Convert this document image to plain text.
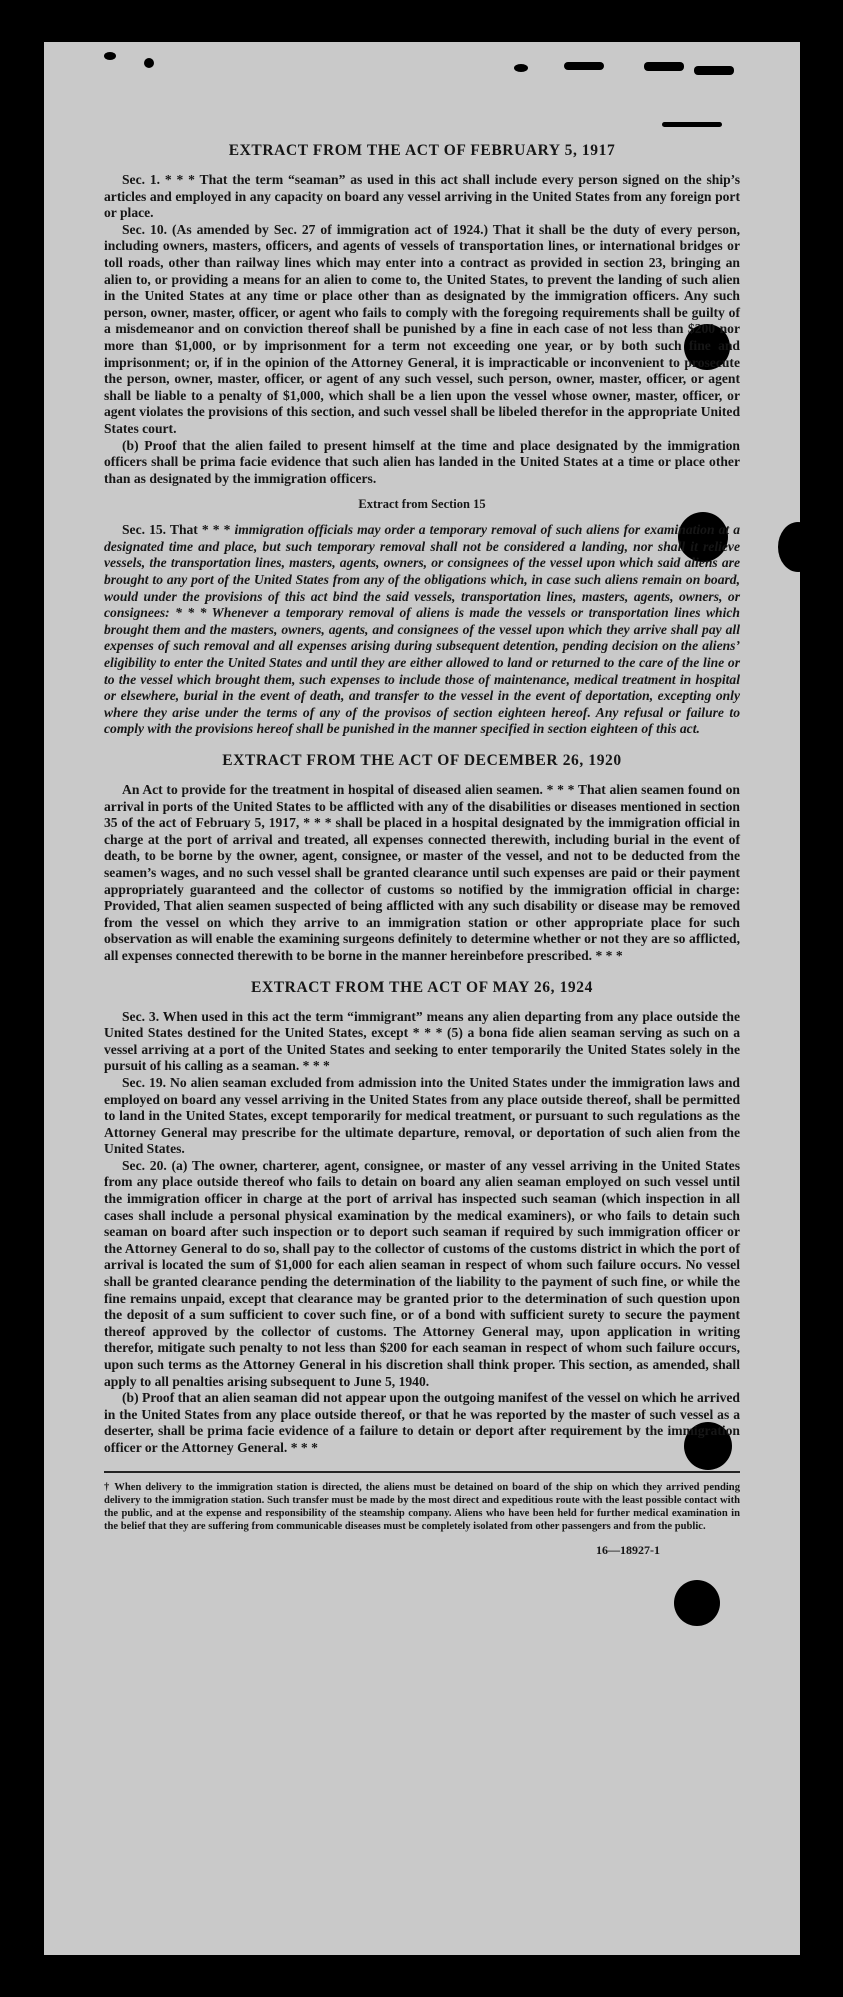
EXTRACT FROM THE ACT OF FEBRUARY 5, 1917

Sec. 1. * * * That the term “seaman” as used in this act shall include every person signed on the ship’s articles and employed in any capacity on board any vessel arriving in the United States from any foreign port or place.

Sec. 10. (As amended by Sec. 27 of immigration act of 1924.) That it shall be the duty of every person, including owners, masters, officers, and agents of vessels of transportation lines, or international bridges or toll roads, other than railway lines which may enter into a contract as provided in section 23, bringing an alien to, or providing a means for an alien to come to, the United States, to prevent the landing of such alien in the United States at any time or place other than as designated by the immigration officers. Any such person, owner, master, officer, or agent who fails to comply with the foregoing requirements shall be guilty of a misdemeanor and on conviction thereof shall be punished by a fine in each case of not less than $200 nor more than $1,000, or by imprisonment for a term not exceeding one year, or by both such fine and imprisonment; or, if in the opinion of the Attorney General, it is impracticable or inconvenient to prosecute the person, owner, master, officer, or agent of any such vessel, such person, owner, master, officer, or agent shall be liable to a penalty of $1,000, which shall be a lien upon the vessel whose owner, master, officer, or agent violates the provisions of this section, and such vessel shall be libeled therefor in the appropriate United States court.

(b) Proof that the alien failed to present himself at the time and place designated by the immigration officers shall be prima facie evidence that such alien has landed in the United States at a time or place other than as designated by the immigration officers.

Extract from Section 15

Sec. 15. That * * * immigration officials may order a temporary removal of such aliens for examination at a designated time and place, but such temporary removal shall not be considered a landing, nor shall it relieve vessels, the transportation lines, masters, agents, owners, or consignees of the vessel upon which said aliens are brought to any port of the United States from any of the obligations which, in case such aliens remain on board, would under the provisions of this act bind the said vessels, transportation lines, masters, agents, owners, or consignees: * * * Whenever a temporary removal of aliens is made the vessels or transportation lines which brought them and the masters, owners, agents, and consignees of the vessel upon which they arrive shall pay all expenses of such removal and all expenses arising during subsequent detention, pending decision on the aliens’ eligibility to enter the United States and until they are either allowed to land or returned to the care of the line or to the vessel which brought them, such expenses to include those of maintenance, medical treatment in hospital or elsewhere, burial in the event of death, and transfer to the vessel in the event of deportation, excepting only where they arise under the terms of any of the provisos of section eighteen hereof. Any refusal or failure to comply with the provisions hereof shall be punished in the manner specified in section eighteen of this act.

EXTRACT FROM THE ACT OF DECEMBER 26, 1920

An Act to provide for the treatment in hospital of diseased alien seamen. * * * That alien seamen found on arrival in ports of the United States to be afflicted with any of the disabilities or diseases mentioned in section 35 of the act of February 5, 1917, * * * shall be placed in a hospital designated by the immigration official in charge at the port of arrival and treated, all expenses connected therewith, including burial in the event of death, to be borne by the owner, agent, consignee, or master of the vessel, and not to be deducted from the seamen’s wages, and no such vessel shall be granted clearance until such expenses are paid or their payment appropriately guaranteed and the collector of customs so notified by the immigration official in charge: Provided, That alien seamen suspected of being afflicted with any such disability or disease may be removed from the vessel on which they arrive to an immigration station or other appropriate place for such observation as will enable the examining surgeons definitely to determine whether or not they are so afflicted, all expenses connected therewith to be borne in the manner hereinbefore prescribed. * * *

EXTRACT FROM THE ACT OF MAY 26, 1924

Sec. 3. When used in this act the term “immigrant” means any alien departing from any place outside the United States destined for the United States, except * * * (5) a bona fide alien seaman serving as such on a vessel arriving at a port of the United States and seeking to enter temporarily the United States solely in the pursuit of his calling as a seaman. * * *

Sec. 19. No alien seaman excluded from admission into the United States under the immigration laws and employed on board any vessel arriving in the United States from any place outside thereof, shall be permitted to land in the United States, except temporarily for medical treatment, or pursuant to such regulations as the Attorney General may prescribe for the ultimate departure, removal, or deportation of such alien from the United States.

Sec. 20. (a) The owner, charterer, agent, consignee, or master of any vessel arriving in the United States from any place outside thereof who fails to detain on board any alien seaman employed on such vessel until the immigration officer in charge at the port of arrival has inspected such seaman (which inspection in all cases shall include a personal physical examination by the medical examiners), or who fails to detain such seaman on board after such inspection or to deport such seaman if required by such immigration officer or the Attorney General to do so, shall pay to the collector of customs of the customs district in which the port of arrival is located the sum of $1,000 for each alien seaman in respect of whom such failure occurs. No vessel shall be granted clearance pending the determination of the liability to the payment of such fine, or while the fine remains unpaid, except that clearance may be granted prior to the determination of such question upon the deposit of a sum sufficient to cover such fine, or of a bond with sufficient surety to secure the payment thereof approved by the collector of customs. The Attorney General may, upon application in writing therefor, mitigate such penalty to not less than $200 for each seaman in respect of whom such failure occurs, upon such terms as the Attorney General in his discretion shall think proper. This section, as amended, shall apply to all penalties arising subsequent to June 5, 1940.

(b) Proof that an alien seaman did not appear upon the outgoing manifest of the vessel on which he arrived in the United States from any place outside thereof, or that he was reported by the master of such vessel as a deserter, shall be prima facie evidence of a failure to detain or deport after requirement by the immigration officer or the Attorney General. * * *

† When delivery to the immigration station is directed, the aliens must be detained on board of the ship on which they arrived pending delivery to the immigration station. Such transfer must be made by the most direct and expeditious route with the least possible contact with the public, and at the expense and responsibility of the steamship company. Aliens who have been held for further medical examination in the belief that they are suffering from communicable diseases must be completely isolated from other passengers and from the public.
16—18927-1
